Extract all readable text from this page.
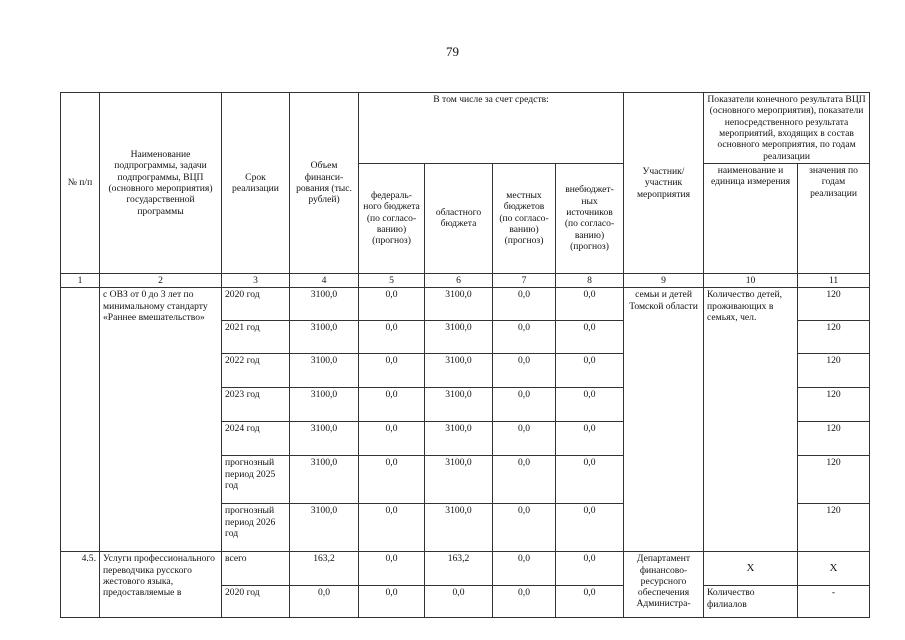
79
№ п/п	Наименование подпрограммы, задачи подпрограммы, ВЦП (основного мероприятия) государственной программы	Срок реализации	Объем финанси-рования (тыс. рублей)	В том числе за счет средств:				Участник/ участник мероприятия	Показатели конечного результата ВЦП (основного мероприятия), показатели непосредственного результата мероприятий, входящих в состав основного мероприятия, по годам реализации	
				федераль-ного бюджета (по согласо-ванию) (прогноз)	областного бюджета	местных бюджетов (по согласо-ванию) (прогноз)	внебюджет-ных источников (по согласо-ванию) (прогноз)		наименование и единица измерения	значения по годам реализации
1	2	3	4	5	6	7	8	9	10	11
	с ОВЗ от 0 до 3 лет по минимальному стандарту «Раннее вмешательство»	2020 год	3100,0	0,0	3100,0	0,0	0,0	семьи и детей Томской области	Количество детей, проживающих в семьях, чел.	120
		2021 год	3100,0	0,0	3100,0	0,0	0,0			120
		2022 год	3100,0	0,0	3100,0	0,0	0,0			120
		2023 год	3100,0	0,0	3100,0	0,0	0,0			120
		2024 год	3100,0	0,0	3100,0	0,0	0,0			120
		прогнозный период 2025 год	3100,0	0,0	3100,0	0,0	0,0			120
		прогнозный период 2026 год	3100,0	0,0	3100,0	0,0	0,0			120
4.5.	Услуги профессионального переводчика русского жестового языка, предоставляемые в	всего	163,2	0,0	163,2	0,0	0,0	Департамент финансово-ресурсного обеспечения Администра-	X	X
		2020 год	0,0	0,0	0,0	0,0	0,0		Количество филиалов	-
